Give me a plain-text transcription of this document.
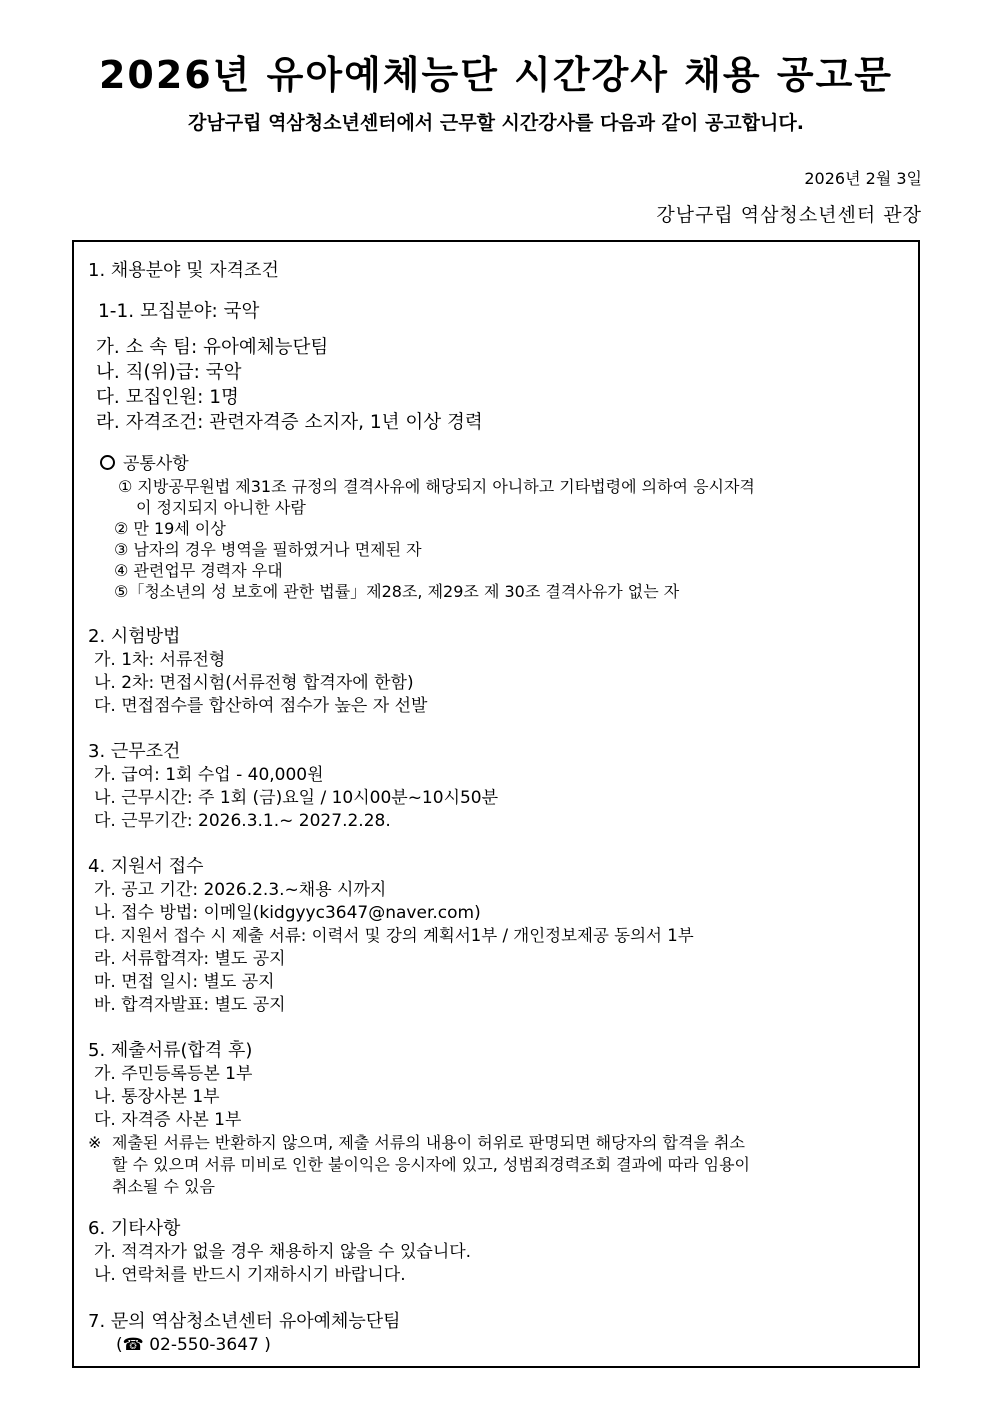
2026년 유아예체능단 시간강사 채용 공고문
강남구립 역삼청소년센터에서 근무할 시간강사를 다음과 같이 공고합니다.
2026년 2월 3일
강남구립 역삼청소년센터 관장
1. 채용분야 및 자격조건
1-1. 모집분야: 국악
가. 소 속 팀: 유아예체능단팀
나. 직(위)급: 국악
다. 모집인원: 1명
라. 자격조건: 관련자격증 소지자, 1년 이상 경력
공통사항
① 지방공무원법 제31조 규정의 결격사유에 해당되지 아니하고 기타법령에 의하여 응시자격
이 정지되지 아니한 사람
② 만 19세 이상
③ 남자의 경우 병역을 필하였거나 면제된 자
④ 관련업무 경력자 우대
⑤「청소년의 성 보호에 관한 법률」제28조, 제29조 제 30조 결격사유가 없는 자
2. 시험방법
가. 1차: 서류전형
나. 2차: 면접시험(서류전형 합격자에 한함)
다. 면접점수를 합산하여 점수가 높은 자 선발
3. 근무조건
가. 급여: 1회 수업 - 40,000원
나. 근무시간: 주 1회 (금)요일 / 10시00분~10시50분
다. 근무기간: 2026.3.1.~ 2027.2.28.
4. 지원서 접수
가. 공고 기간: 2026.2.3.~채용 시까지
나. 접수 방법: 이메일(kidgyyc3647@naver.com)
다. 지원서 접수 시 제출 서류: 이력서 및 강의 계획서1부 / 개인정보제공 동의서 1부
라. 서류합격자: 별도 공지
마. 면접 일시: 별도 공지
바. 합격자발표: 별도 공지
5. 제출서류(합격 후)
가. 주민등록등본 1부
나. 통장사본 1부
다. 자격증 사본 1부
※ 제출된 서류는 반환하지 않으며, 제출 서류의 내용이 허위로 판명되면 해당자의 합격을 취소
할 수 있으며 서류 미비로 인한 불이익은 응시자에 있고, 성범죄경력조회 결과에 따라 임용이
취소될 수 있음
6. 기타사항
가. 적격자가 없을 경우 채용하지 않을 수 있습니다.
나. 연락처를 반드시 기재하시기 바랍니다.
7. 문의 역삼청소년센터 유아예체능단팀
(☎ 02-550-3647 )
